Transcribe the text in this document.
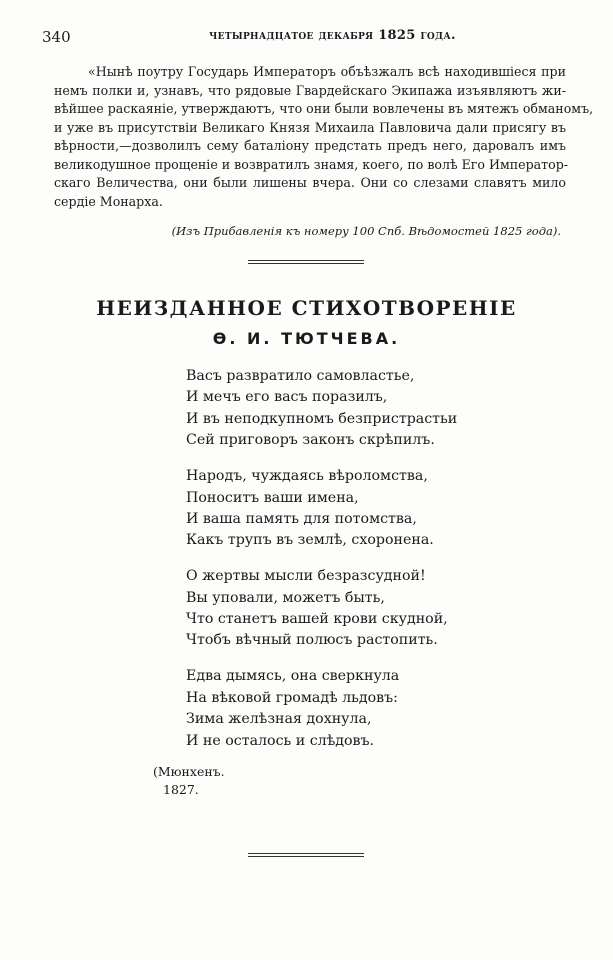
340	четырнадцатое декабря 1825 года.
«Нынѣ поутру Государь Императоръ объѣзжалъ всѣ находившіеся при
немъ полки и, узнавъ, что рядовые Гвардейскаго Экипажа изъявляютъ жи-
вѣйшее раскаяніе, утверждаютъ, что они были вовлечены въ мятежъ обманомъ,
и уже въ присутствіи Великаго Князя Михаила Павловича дали присягу въ
вѣрности,—дозволилъ сему баталіону предстать предъ него, даровалъ имъ
великодушное прощеніе и возвратилъ знамя, коего, по волѣ Его Император-
скаго Величества, они были лишены вчера. Они со слезами славятъ мило
сердіе Монарха.
(Изъ Прибавленія къ номеру 100 Спб. Вѣдомостей 1825 года).
НЕИЗДАННОЕ СТИХОТВОРЕНІЕ
Ѳ. И. ТЮТЧЕВА.
Васъ развратило самовластье,
И мечъ его васъ поразилъ,
И въ неподкупномъ безпристрастьи
Сей приговоръ законъ скрѣпилъ.
Народъ, чуждаясь вѣроломства,
Поноситъ ваши имена,
И ваша память для потомства,
Какъ трупъ въ землѣ, схоронена.
О жертвы мысли безразсудной!
Вы уповали, можетъ быть,
Что станетъ вашей крови скудной,
Чтобъ вѣчный полюсъ растопить.
Едва дымясь, она сверкнула
На вѣковой громадѣ льдовъ:
Зима желѣзная дохнула,
И не осталось и слѣдовъ.
(Мюнхенъ.
1827.
